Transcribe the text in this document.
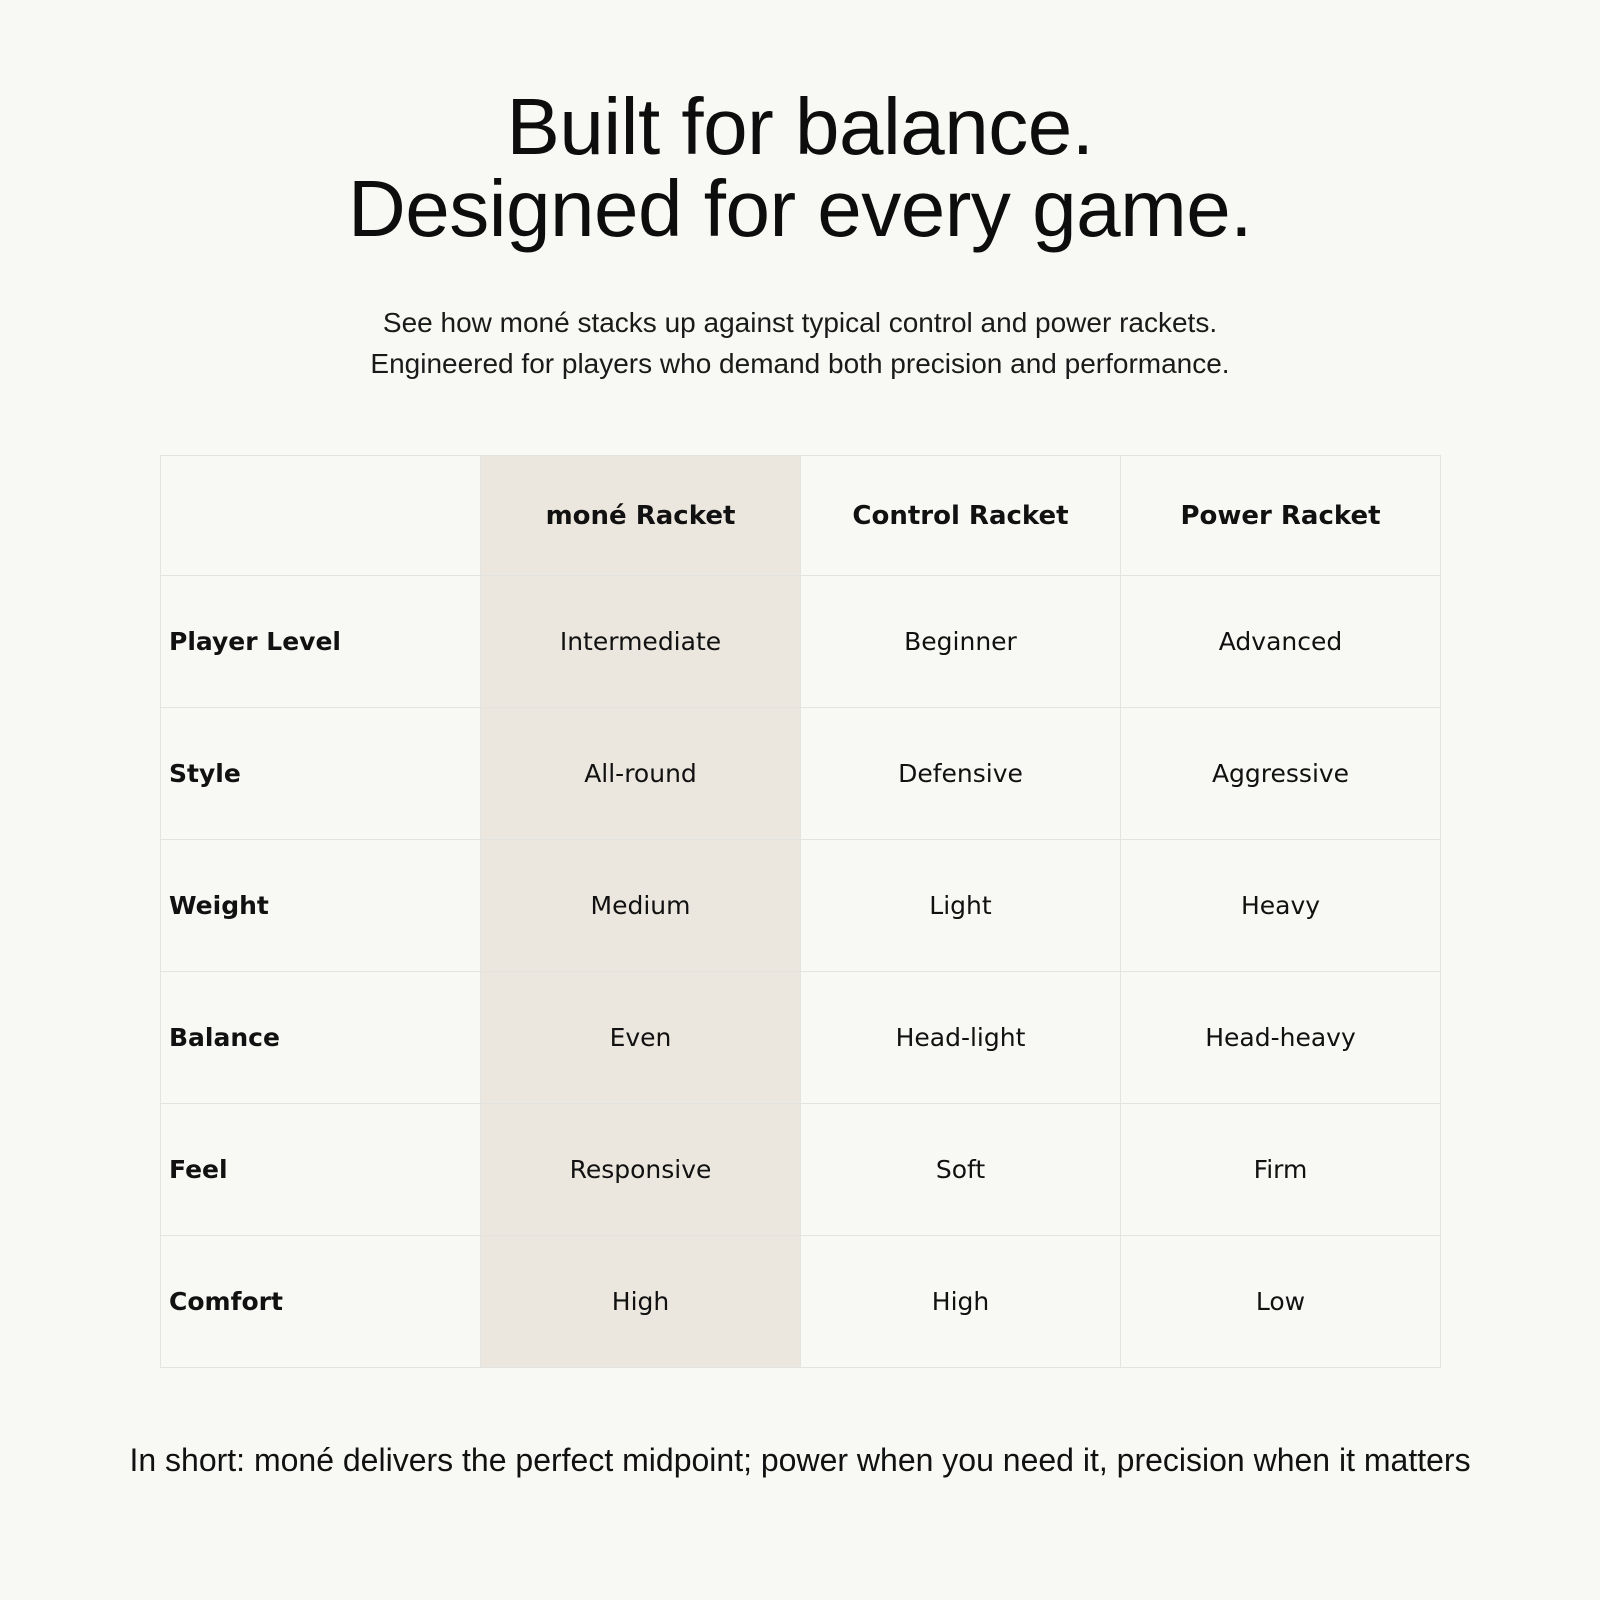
Built for balance.
Designed for every game.

See how moné stacks up against typical control and power rackets.
Engineered for players who demand both precision and performance.

	moné Racket	Control Racket	Power Racket
Player Level	Intermediate	Beginner	Advanced
Style	All-round	Defensive	Aggressive
Weight	Medium	Light	Heavy
Balance	Even	Head-light	Head-heavy
Feel	Responsive	Soft	Firm
Comfort	High	High	Low

In short: moné delivers the perfect midpoint; power when you need it, precision when it matters
